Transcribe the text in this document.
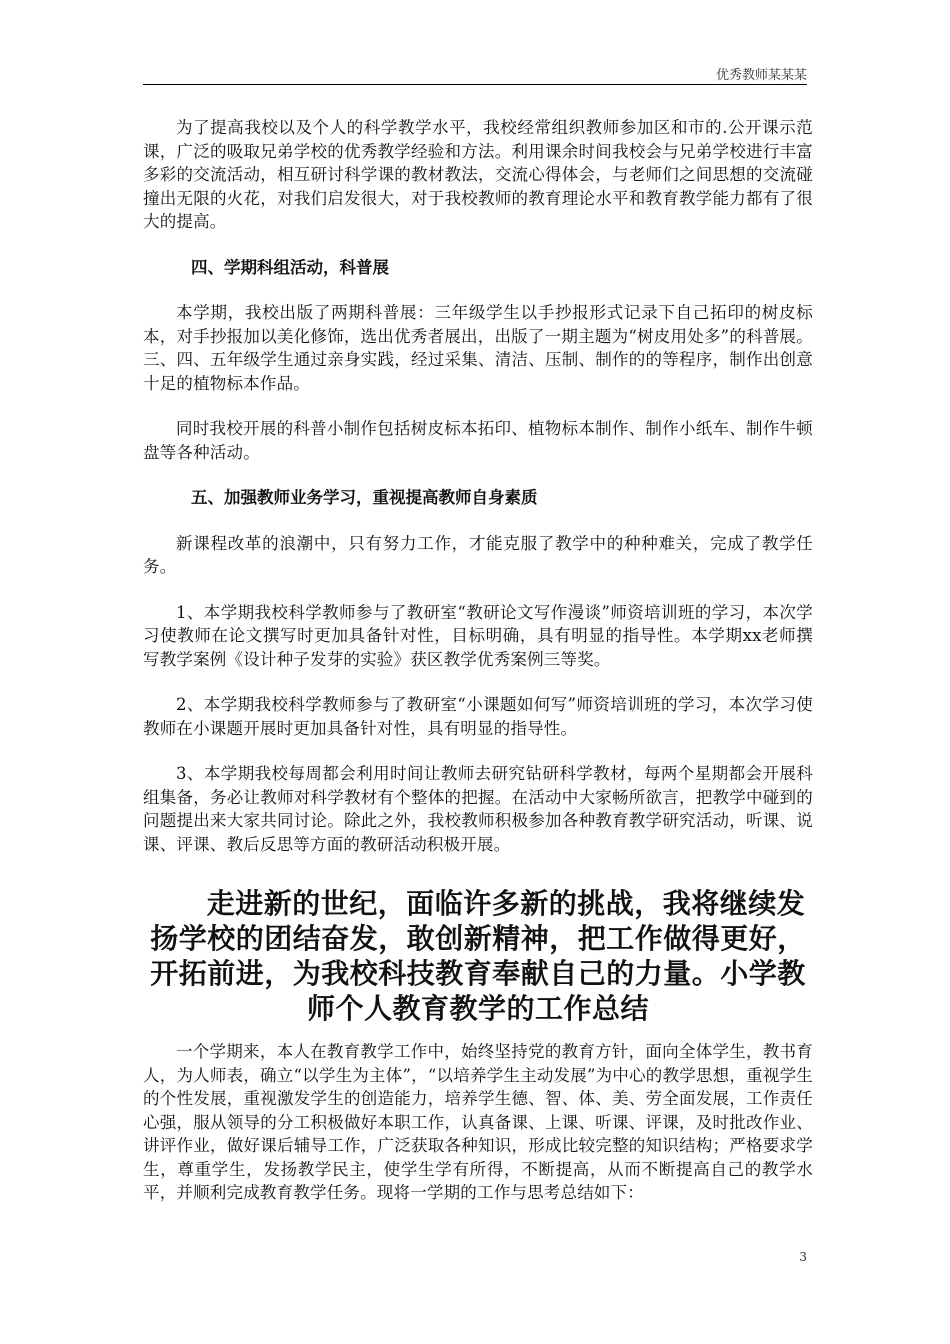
优秀教师某某某

为了提高我校以及个人的科学教学水平，我校经常组织教师参加区和市的.公开课示范课，广泛的吸取兄弟学校的优秀教学经验和方法。利用课余时间我校会与兄弟学校进行丰富多彩的交流活动，相互研讨科学课的教材教法，交流心得体会，与老师们之间思想的交流碰撞出无限的火花，对我们启发很大，对于我校教师的教育理论水平和教育教学能力都有了很大的提高。

四、学期科组活动，科普展

本学期，我校出版了两期科普展：三年级学生以手抄报形式记录下自己拓印的树皮标本，对手抄报加以美化修饰，选出优秀者展出，出版了一期主题为“树皮用处多”的科普展。三、四、五年级学生通过亲身实践，经过采集、清洁、压制、制作的的等程序，制作出创意十足的植物标本作品。

同时我校开展的科普小制作包括树皮标本拓印、植物标本制作、制作小纸车、制作牛顿盘等各种活动。

五、加强教师业务学习，重视提高教师自身素质

新课程改革的浪潮中，只有努力工作，才能克服了教学中的种种难关，完成了教学任务。

1、本学期我校科学教师参与了教研室“教研论文写作漫谈”师资培训班的学习，本次学习使教师在论文撰写时更加具备针对性，目标明确，具有明显的指导性。本学期xx老师撰写教学案例《设计种子发芽的实验》获区教学优秀案例三等奖。

2、本学期我校科学教师参与了教研室“小课题如何写”师资培训班的学习，本次学习使教师在小课题开展时更加具备针对性，具有明显的指导性。

3、本学期我校每周都会利用时间让教师去研究钻研科学教材，每两个星期都会开展科组集备，务必让教师对科学教材有个整体的把握。在活动中大家畅所欲言，把教学中碰到的问题提出来大家共同讨论。除此之外，我校教师积极参加各种教育教学研究活动，听课、说课、评课、教后反思等方面的教研活动积极开展。

走进新的世纪，面临许多新的挑战，我将继续发扬学校的团结奋发，敢创新精神，把工作做得更好，开拓前进，为我校科技教育奉献自己的力量。小学教师个人教育教学的工作总结

一个学期来，本人在教育教学工作中，始终坚持党的教育方针，面向全体学生，教书育人，为人师表，确立“以学生为主体”，“以培养学生主动发展”为中心的教学思想，重视学生的个性发展，重视激发学生的创造能力，培养学生德、智、体、美、劳全面发展，工作责任心强，服从领导的分工积极做好本职工作，认真备课、上课、听课、评课，及时批改作业、讲评作业，做好课后辅导工作，广泛获取各种知识，形成比较完整的知识结构；严格要求学生，尊重学生，发扬教学民主，使学生学有所得，不断提高，从而不断提高自己的教学水平，并顺利完成教育教学任务。现将一学期的工作与思考总结如下：

3
